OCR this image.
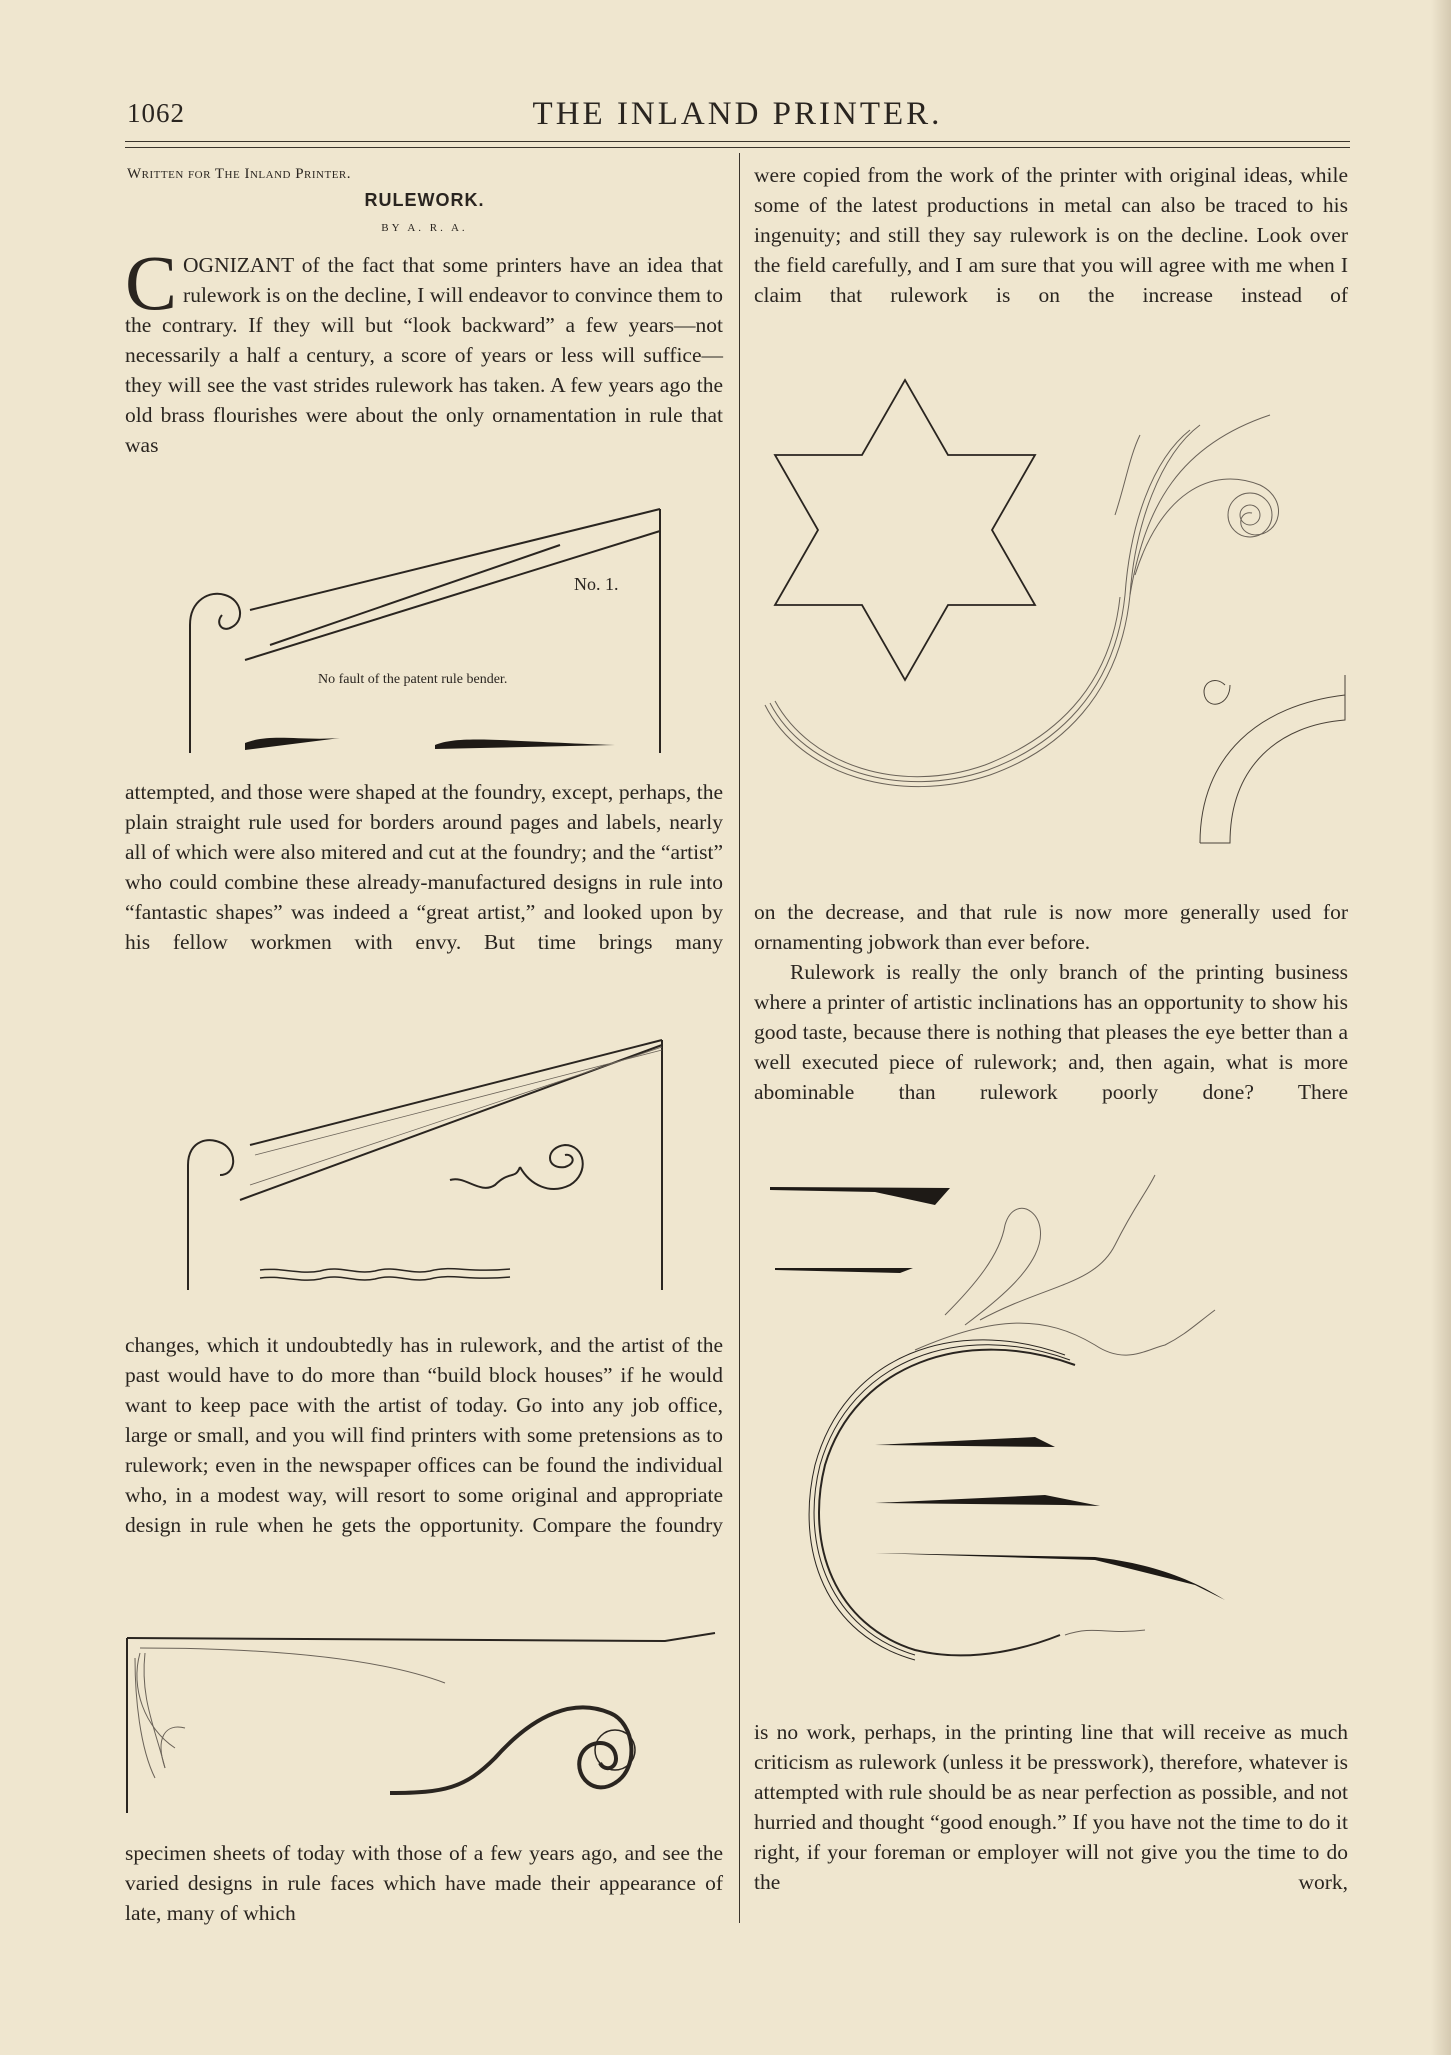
1062	THE INLAND PRINTER.
Written for The Inland Printer.
RULEWORK.
BY A. R. A.

COGNIZANT of the fact that some printers have an idea that rulework is on the decline, I will endeavor to convince them to the contrary. If they will but “look backward” a few years—not necessarily a half a century, a score of years or less will suffice—they will see the vast strides rulework has taken. A few years ago the old brass flourishes were about the only ornamentation in rule that was

No. 1.
No fault of the patent rule bender.

attempted, and those were shaped at the foundry, except, perhaps, the plain straight rule used for borders around pages and labels, nearly all of which were also mitered and cut at the foundry; and the “artist” who could combine these already-manufactured designs in rule into “fantastic shapes” was indeed a “great artist,” and looked upon by his fellow workmen with envy. But time brings many

changes, which it undoubtedly has in rulework, and the artist of the past would have to do more than “build block houses” if he would want to keep pace with the artist of today. Go into any job office, large or small, and you will find printers with some pretensions as to rulework; even in the newspaper offices can be found the individual who, in a modest way, will resort to some original and appropriate design in rule when he gets the opportunity. Compare the foundry

specimen sheets of today with those of a few years ago, and see the varied designs in rule faces which have made their appearance of late, many of which

were copied from the work of the printer with original ideas, while some of the latest productions in metal can also be traced to his ingenuity; and still they say rulework is on the decline. Look over the field carefully, and I am sure that you will agree with me when I claim that rulework is on the increase instead of

on the decrease, and that rule is now more generally used for ornamenting jobwork than ever before.

Rulework is really the only branch of the printing business where a printer of artistic inclinations has an opportunity to show his good taste, because there is nothing that pleases the eye better than a well executed piece of rulework; and, then again, what is more abominable than rulework poorly done? There

is no work, perhaps, in the printing line that will receive as much criticism as rulework (unless it be presswork), therefore, whatever is attempted with rule should be as near perfection as possible, and not hurried and thought “good enough.” If you have not the time to do it right, if your foreman or employer will not give you the time to do the work,
